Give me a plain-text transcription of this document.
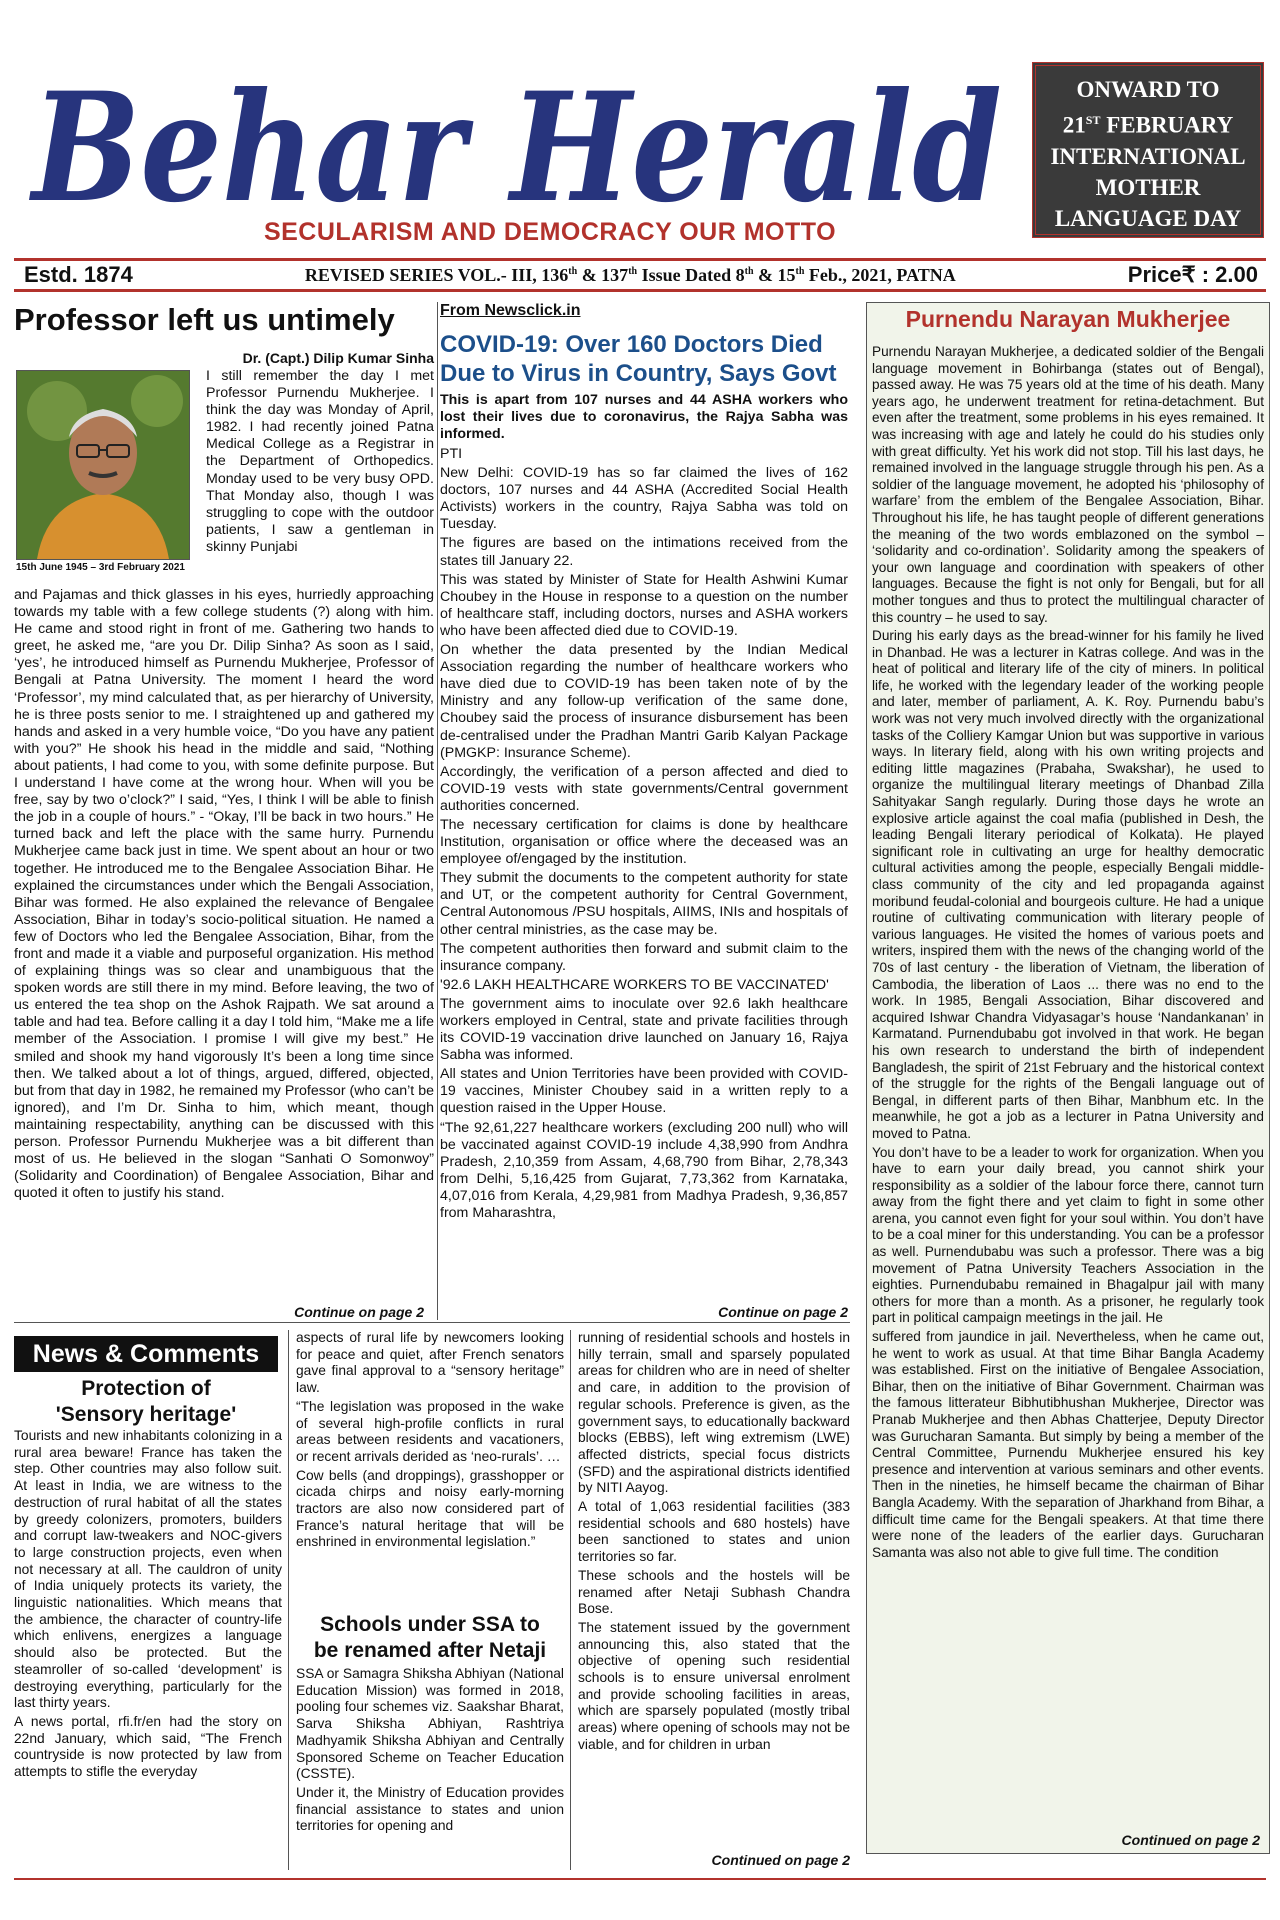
Behar Herald
SECULARISM AND DEMOCRACY OUR MOTTO
ONWARD TO
21ST FEBRUARY
INTERNATIONAL
MOTHER
LANGUAGE DAY
Estd. 1874	REVISED SERIES VOL.- III, 136th & 137th Issue Dated 8th & 15th Feb., 2021, PATNA	Price₹ : 2.00
Professor left us untimely
Dr. (Capt.) Dilip Kumar Sinha
15th June 1945 – 3rd February 2021

I still remember the day I met Professor Purnendu Mukherjee. I think the day was Monday of April, 1982. I had recently joined Patna Medical College as a Registrar in the Department of Orthopedics. Monday used to be very busy OPD. That Monday also, though I was struggling to cope with the outdoor patients, I saw a gentleman in skinny Punjabi

and Pajamas and thick glasses in his eyes, hurriedly approaching towards my table with a few college students (?) along with him. He came and stood right in front of me. Gathering two hands to greet, he asked me, “are you Dr. Dilip Sinha? As soon as I said, ‘yes’, he introduced himself as Purnendu Mukherjee, Professor of Bengali at Patna University. The moment I heard the word ‘Professor’, my mind calculated that, as per hierarchy of University, he is three posts senior to me. I straightened up and gathered my hands and asked in a very humble voice, “Do you have any patient with you?” He shook his head in the middle and said, “Nothing about patients, I had come to you, with some definite purpose. But I understand I have come at the wrong hour. When will you be free, say by two o’clock?” I said, “Yes, I think I will be able to finish the job in a couple of hours.” - “Okay, I’ll be back in two hours.” He turned back and left the place with the same hurry. Purnendu Mukherjee came back just in time. We spent about an hour or two together. He introduced me to the Bengalee Association Bihar. He explained the circumstances under which the Bengali Association, Bihar was formed. He also explained the relevance of Bengalee Association, Bihar in today’s socio-political situation. He named a few of Doctors who led the Bengalee Association, Bihar, from the front and made it a viable and purposeful organization. His method of explaining things was so clear and unambiguous that the spoken words are still there in my mind. Before leaving, the two of us entered the tea shop on the Ashok Rajpath. We sat around a table and had tea. Before calling it a day I told him, “Make me a life member of the Association. I promise I will give my best.” He smiled and shook my hand vigorously It’s been a long time since then. We talked about a lot of things, argued, differed, objected, but from that day in 1982, he remained my Professor (who can’t be ignored), and I’m Dr. Sinha to him, which meant, though maintaining respectability, anything can be discussed with this person. Professor Purnendu Mukherjee was a bit different than most of us. He believed in the slogan “Sanhati O Somonwoy” (Solidarity and Coordination) of Bengalee Association, Bihar and quoted it often to justify his stand.

Continue on page 2
From Newsclick.in
COVID-19: Over 160 Doctors Died Due to Virus in Country, Says Govt
This is apart from 107 nurses and 44 ASHA workers who lost their lives due to coronavirus, the Rajya Sabha was informed.

PTI

New Delhi: COVID-19 has so far claimed the lives of 162 doctors, 107 nurses and 44 ASHA (Accredited Social Health Activists) workers in the country, Rajya Sabha was told on Tuesday.

The figures are based on the intimations received from the states till January 22.

This was stated by Minister of State for Health Ashwini Kumar Choubey in the House in response to a question on the number of healthcare staff, including doctors, nurses and ASHA workers who have been affected died due to COVID-19.

On whether the data presented by the Indian Medical Association regarding the number of healthcare workers who have died due to COVID-19 has been taken note of by the Ministry and any follow-up verification of the same done, Choubey said the process of insurance disbursement has been de-centralised under the Pradhan Mantri Garib Kalyan Package (PMGKP: Insurance Scheme).

Accordingly, the verification of a person affected and died to COVID-19 vests with state governments/Central government authorities concerned.

The necessary certification for claims is done by healthcare Institution, organisation or office where the deceased was an employee of/engaged by the institution.

They submit the documents to the competent authority for state and UT, or the competent authority for Central Government, Central Autonomous /PSU hospitals, AIIMS, INIs and hospitals of other central ministries, as the case may be.

The competent authorities then forward and submit claim to the insurance company.

'92.6 LAKH HEALTHCARE WORKERS TO BE VACCINATED'

The government aims to inoculate over 92.6 lakh healthcare workers employed in Central, state and private facilities through its COVID-19 vaccination drive launched on January 16, Rajya Sabha was informed.

All states and Union Territories have been provided with COVID-19 vaccines, Minister Choubey said in a written reply to a question raised in the Upper House.

“The 92,61,227 healthcare workers (excluding 200 null) who will be vaccinated against COVID-19 include 4,38,990 from Andhra Pradesh, 2,10,359 from Assam, 4,68,790 from Bihar, 2,78,343 from Delhi, 5,16,425 from Gujarat, 7,73,362 from Karnataka, 4,07,016 from Kerala, 4,29,981 from Madhya Pradesh, 9,36,857 from Maharashtra,

Continue on page 2
Purnendu Narayan Mukherjee

Purnendu Narayan Mukherjee, a dedicated soldier of the Bengali language movement in Bohirbanga (states out of Bengal), passed away. He was 75 years old at the time of his death. Many years ago, he underwent treatment for retina-detachment. But even after the treatment, some problems in his eyes remained. It was increasing with age and lately he could do his studies only with great difficulty. Yet his work did not stop. Till his last days, he remained involved in the language struggle through his pen. As a soldier of the language movement, he adopted his ‘philosophy of warfare’ from the emblem of the Bengalee Association, Bihar. Throughout his life, he has taught people of different generations the meaning of the two words emblazoned on the symbol – ‘solidarity and co-ordination’. Solidarity among the speakers of your own language and coordination with speakers of other languages. Because the fight is not only for Bengali, but for all mother tongues and thus to protect the multilingual character of this country – he used to say.

During his early days as the bread-winner for his family he lived in Dhanbad. He was a lecturer in Katras college. And was in the heat of political and literary life of the city of miners. In political life, he worked with the legendary leader of the working people and later, member of parliament, A. K. Roy. Purnendu babu’s work was not very much involved directly with the organizational tasks of the Colliery Kamgar Union but was supportive in various ways. In literary field, along with his own writing projects and editing little magazines (Prabaha, Swakshar), he used to organize the multilingual literary meetings of Dhanbad Zilla Sahityakar Sangh regularly. During those days he wrote an explosive article against the coal mafia (published in Desh, the leading Bengali literary periodical of Kolkata). He played significant role in cultivating an urge for healthy democratic cultural activities among the people, especially Bengali middle-class community of the city and led propaganda against moribund feudal-colonial and bourgeois culture. He had a unique routine of cultivating communication with literary people of various languages. He visited the homes of various poets and writers, inspired them with the news of the changing world of the 70s of last century - the liberation of Vietnam, the liberation of Cambodia, the liberation of Laos ... there was no end to the work. In 1985, Bengali Association, Bihar discovered and acquired Ishwar Chandra Vidyasagar’s house ‘Nandankanan’ in Karmatand. Purnendubabu got involved in that work. He began his own research to understand the birth of independent Bangladesh, the spirit of 21st February and the historical context of the struggle for the rights of the Bengali language out of Bengal, in different parts of then Bihar, Manbhum etc. In the meanwhile, he got a job as a lecturer in Patna University and moved to Patna.

You don’t have to be a leader to work for organization. When you have to earn your daily bread, you cannot shirk your responsibility as a soldier of the labour force there, cannot turn away from the fight there and yet claim to fight in some other arena, you cannot even fight for your soul within. You don’t have to be a coal miner for this understanding. You can be a professor as well. Purnendubabu was such a professor. There was a big movement of Patna University Teachers Association in the eighties. Purnendubabu remained in Bhagalpur jail with many others for more than a month. As a prisoner, he regularly took part in political campaign meetings in the jail. He

suffered from jaundice in jail. Nevertheless, when he came out, he went to work as usual. At that time Bihar Bangla Academy was established. First on the initiative of Bengalee Association, Bihar, then on the initiative of Bihar Government. Chairman was the famous litterateur Bibhutibhushan Mukherjee, Director was Pranab Mukherjee and then Abhas Chatterjee, Deputy Director was Gurucharan Samanta. But simply by being a member of the Central Committee, Purnendu Mukherjee ensured his key presence and intervention at various seminars and other events. Then in the nineties, he himself became the chairman of Bihar Bangla Academy. With the separation of Jharkhand from Bihar, a difficult time came for the Bengali speakers. At that time there were none of the leaders of the earlier days. Gurucharan Samanta was also not able to give full time. The condition

Continued on page 2
News & Comments
Protection of
'Sensory heritage'

Tourists and new inhabitants colonizing in a rural area beware! France has taken the step. Other countries may also follow suit. At least in India, we are witness to the destruction of rural habitat of all the states by greedy colonizers, promoters, builders and corrupt law-tweakers and NOC-givers to large construction projects, even when not necessary at all. The cauldron of unity of India uniquely protects its variety, the linguistic nationalities. Which means that the ambience, the character of country-life which enlivens, energizes a language should also be protected. But the steamroller of so-called ‘development’ is destroying everything, particularly for the last thirty years.

A news portal, rfi.fr/en had the story on 22nd January, which said, “The French countryside is now protected by law from attempts to stifle the everyday

aspects of rural life by newcomers looking for peace and quiet, after French senators gave final approval to a “sensory heritage” law.

“The legislation was proposed in the wake of several high-profile conflicts in rural areas between residents and vacationers, or recent arrivals derided as ‘neo-rurals’. …

Cow bells (and droppings), grasshopper or cicada chirps and noisy early-morning tractors are also now considered part of France’s natural heritage that will be enshrined in environmental legislation.”

Schools under SSA to
be renamed after Netaji

SSA or Samagra Shiksha Abhiyan (National Education Mission) was formed in 2018, pooling four schemes viz. Saakshar Bharat, Sarva Shiksha Abhiyan, Rashtriya Madhyamik Shiksha Abhiyan and Centrally Sponsored Scheme on Teacher Education (CSSTE).

Under it, the Ministry of Education provides financial assistance to states and union territories for opening and

running of residential schools and hostels in hilly terrain, small and sparsely populated areas for children who are in need of shelter and care, in addition to the provision of regular schools. Preference is given, as the government says, to educationally backward blocks (EBBS), left wing extremism (LWE) affected districts, special focus districts (SFD) and the aspirational districts identified by NITI Aayog.

A total of 1,063 residential facilities (383 residential schools and 680 hostels) have been sanctioned to states and union territories so far.

These schools and the hostels will be renamed after Netaji Subhash Chandra Bose.

The statement issued by the government announcing this, also stated that the objective of opening such residential schools is to ensure universal enrolment and provide schooling facilities in areas, which are sparsely populated (mostly tribal areas) where opening of schools may not be viable, and for children in urban

Continued on page 2
